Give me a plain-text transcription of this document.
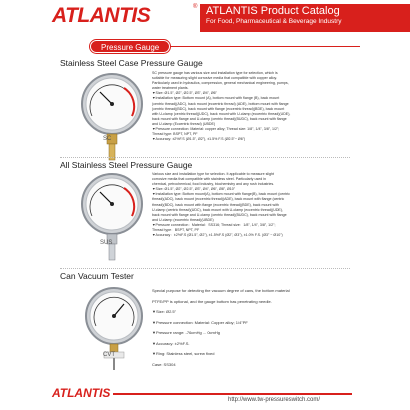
ATLANTIS	® ATLANTIS Product Catalog
For Food, Pharmaceutical & Beverage Industry
Pressure Gauge
Stainless Steel Case Pressure Gauge
SC

SC pressure gauge has various size and installation type for selection, which is

suitable for measuring slight corrosive media that compatible with copper alloy.

Particularly used in hydraulics, compression, general mechanical engineering, pumps,

water treatment plants.

▼Size: Ø1.5", Ø2", Ø2.5", Ø3", Ø4", Ø6"

▼Installation type: Bottom mount (A), bottom mount with flange (B), back mount

(centric thread)(ADC), back mount (eccentric thread) (ADE), bottom mount with flange

(centric thread)(BDC), back mount with flange (eccentric thread)(BDE), back mount

with U-clamp (centric thread)(UDC), back mount with U-clamp (eccentric thread)(UDE),

back mount with flange and U-clamp (centric thread)(BUDC), back mount with flange

and U-clamp (Eccentric thread) (UBDE)

▼Pressure connection: Material: copper alloy; Thread size: 1/8", 1/4", 3/8", 1/2";

Thread type: BSPT, NPT, PF

▼Accuracy: ±2%F.S (Ø1.5", Ø2"), ±1.5% F.S (Ø2.5"~ Ø6")

All Stainless Steel Pressure Gauge
SUS

Various size and installation type for selection. It applicable to measure slight

corrosive media that compatible with stainless steel. Particularly used in

chemical, petrochemical, food industry, biochemistry and any rush industries.

▼Size: Ø1.5", Ø2", Ø2.5", Ø3", Ø4", Ø6", Ø8", Ø10"

▼Installation type: Bottom mount(A), bottom mount with flange(B), back mount (centric

thread)(ADC), back mount (eccentric thread)(ADE), back mount with flange (centric

thread)(BDC), back mount with flange (eccentric thread)(BDE), back mount with

U-clamp (centric thread)(UDC), back mount with U-clamp (eccentric thread)(UDE),

back mount with flange and U-clamp (centric thread)(BUDC), back mount with flange

and U-clamp (eccentric thread)(UBDE)

▼Pressure connection：Material：SS316; Thread size：1/8", 1/4", 3/8", 1/2";

Thread type：BSPT, NPT, PF

▼Accuracy：±2%F.S (Ø1.5", Ø2"), ±1.5%F.S (Ø2", Ø3"), ±1.0% F.S. (Ø3" ~ Ø10")

Can Vacuum Tester
CVT

Special purpose for detecting the vacuum degree of cans, the bottom material

PTFE/PP is optional, and the gauge bottom has penetrating needle.

▼Size: Ø2.5"

▼Pressure connection: Material: Copper alloy; 1/4"PF

▼Pressure range: -76cmHg ... 0cmHg

▼Accuracy: ±2%F.S.

▼Ring: Stainless steel, screw fixed

Case: SS304

ATLANTIS	http://www.tw-pressureswitch.com/
